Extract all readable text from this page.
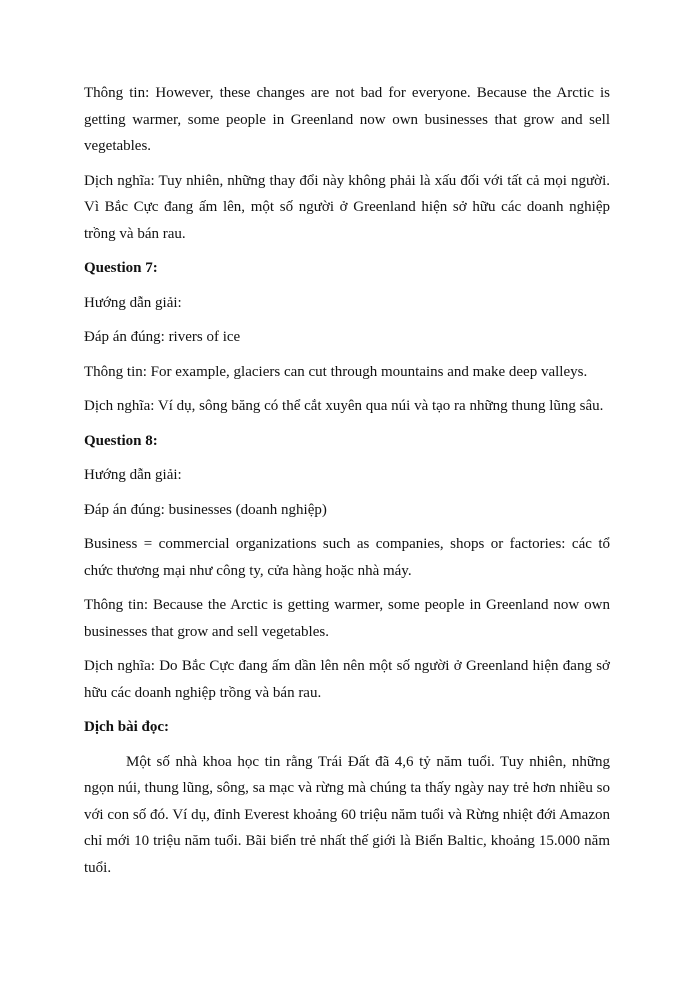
Thông tin: However, these changes are not bad for everyone. Because the Arctic is getting warmer, some people in Greenland now own businesses that grow and sell vegetables.

Dịch nghĩa: Tuy nhiên, những thay đổi này không phải là xấu đối với tất cả mọi người. Vì Bắc Cực đang ấm lên, một số người ở Greenland hiện sở hữu các doanh nghiệp trồng và bán rau.

Question 7:

Hướng dẫn giải:

Đáp án đúng: rivers of ice

Thông tin: For example, glaciers can cut through mountains and make deep valleys.

Dịch nghĩa: Ví dụ, sông băng có thể cắt xuyên qua núi và tạo ra những thung lũng sâu.

Question 8:

Hướng dẫn giải:

Đáp án đúng: businesses (doanh nghiệp)

Business = commercial organizations such as companies, shops or factories: các tổ chức thương mại như công ty, cửa hàng hoặc nhà máy.

Thông tin: Because the Arctic is getting warmer, some people in Greenland now own businesses that grow and sell vegetables.

Dịch nghĩa: Do Bắc Cực đang ấm dần lên nên một số người ở Greenland hiện đang sở hữu các doanh nghiệp trồng và bán rau.

Dịch bài đọc:

Một số nhà khoa học tin rằng Trái Đất đã 4,6 tỷ năm tuổi. Tuy nhiên, những ngọn núi, thung lũng, sông, sa mạc và rừng mà chúng ta thấy ngày nay trẻ hơn nhiều so với con số đó. Ví dụ, đỉnh Everest khoảng 60 triệu năm tuổi và Rừng nhiệt đới Amazon chỉ mới 10 triệu năm tuổi. Bãi biển trẻ nhất thế giới là Biển Baltic, khoảng 15.000 năm tuổi.
